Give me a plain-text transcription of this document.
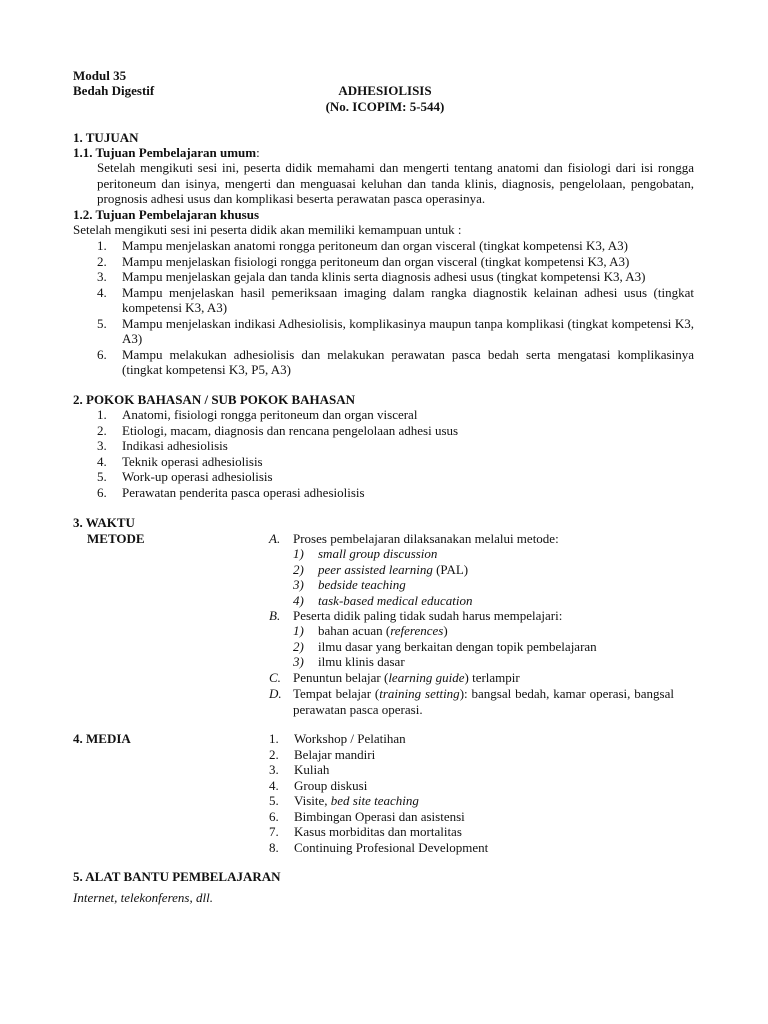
Modul 35
Bedah Digestif	ADHESIOLISIS
(No. ICOPIM: 5-544)
1. TUJUAN
1.1. Tujuan Pembelajaran umum:
Setelah mengikuti sesi ini, peserta didik memahami dan mengerti tentang anatomi dan fisiologi dari isi rongga peritoneum dan isinya, mengerti dan menguasai keluhan dan tanda klinis, diagnosis, pengelolaan, pengobatan, prognosis adhesi usus dan komplikasi beserta perawatan pasca operasinya.
1.2. Tujuan Pembelajaran khusus
Setelah mengikuti sesi ini peserta didik akan memiliki kemampuan untuk :
1. Mampu menjelaskan anatomi rongga peritoneum dan organ visceral (tingkat kompetensi K3, A3)
2. Mampu menjelaskan fisiologi rongga peritoneum dan organ visceral (tingkat kompetensi K3, A3)
3. Mampu menjelaskan gejala dan tanda klinis serta diagnosis adhesi usus (tingkat kompetensi K3, A3)
4. Mampu menjelaskan hasil pemeriksaan imaging dalam rangka diagnostik kelainan adhesi usus (tingkat kompetensi K3, A3)
5. Mampu menjelaskan indikasi Adhesiolisis, komplikasinya maupun tanpa komplikasi (tingkat kompetensi K3, A3)
6. Mampu melakukan adhesiolisis dan melakukan perawatan pasca bedah serta mengatasi komplikasinya (tingkat kompetensi K3, P5, A3)
2. POKOK BAHASAN / SUB POKOK BAHASAN
1. Anatomi, fisiologi rongga peritoneum dan organ visceral
2. Etiologi, macam, diagnosis dan rencana pengelolaan adhesi usus
3. Indikasi adhesiolisis
4. Teknik operasi adhesiolisis
5. Work-up operasi adhesiolisis
6. Perawatan penderita pasca operasi adhesiolisis
3. WAKTU
METODE	A. Proses pembelajaran dilaksanakan melalui metode:
1) small group discussion
2) peer assisted learning (PAL)
3) bedside teaching
4) task-based medical education
B. Peserta didik paling tidak sudah harus mempelajari:
1) bahan acuan (references)
2) ilmu dasar yang berkaitan dengan topik pembelajaran
3) ilmu klinis dasar
C. Penuntun belajar (learning guide) terlampir
D. Tempat belajar (training setting): bangsal bedah, kamar operasi, bangsal perawatan pasca operasi.
4. MEDIA	1. Workshop / Pelatihan
2. Belajar mandiri
3. Kuliah
4. Group diskusi
5. Visite, bed site teaching
6. Bimbingan Operasi dan asistensi
7. Kasus morbiditas dan mortalitas
8. Continuing Profesional Development
5. ALAT BANTU PEMBELAJARAN
Internet, telekonferens, dll.
